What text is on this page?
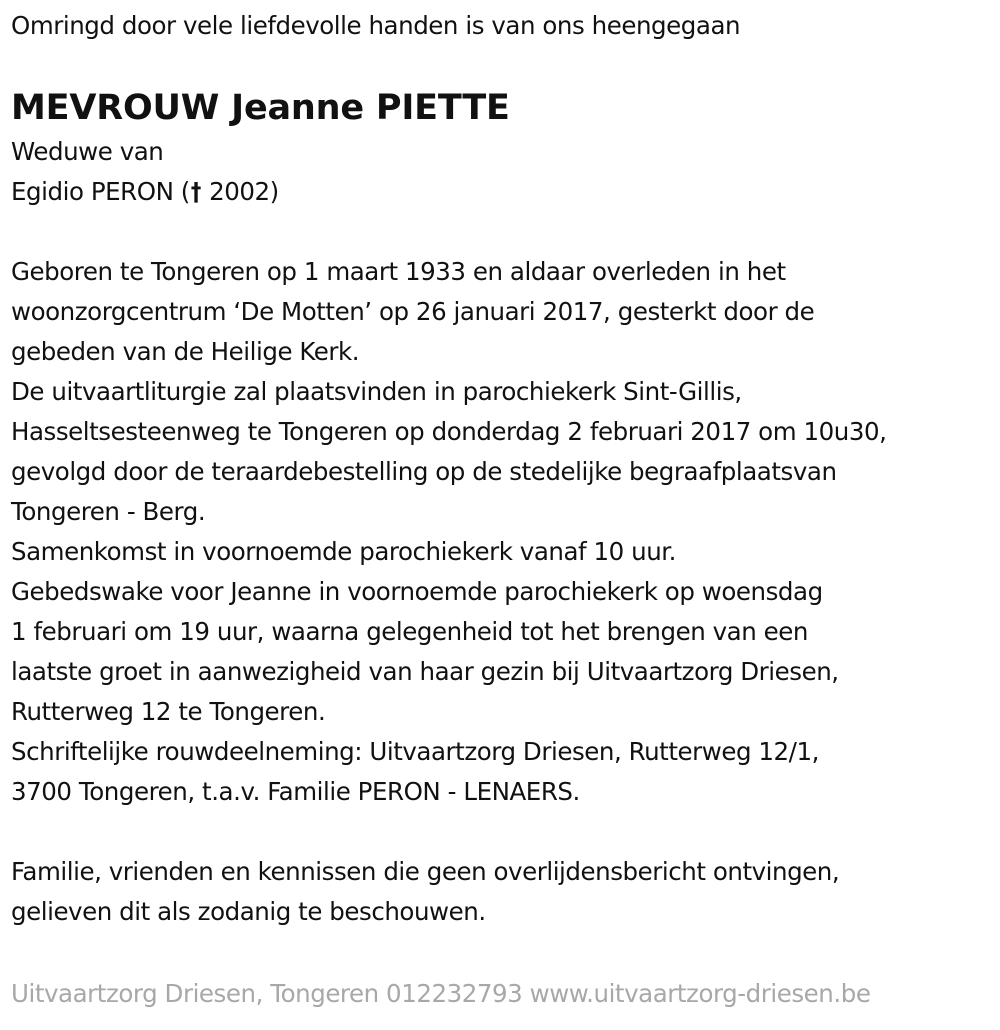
Omringd door vele liefdevolle handen is van ons heengegaan
MEVROUW Jeanne PIETTE
Weduwe van
Egidio PERON († 2002)
Geboren te Tongeren op 1 maart 1933 en aldaar overleden in het
woonzorgcentrum ‘De Motten’ op 26 januari 2017, gesterkt door de
gebeden van de Heilige Kerk.
De uitvaartliturgie zal plaatsvinden in parochiekerk Sint-Gillis,
Hasseltsesteenweg te Tongeren op donderdag 2 februari 2017 om 10u30,
gevolgd door de teraardebestelling op de stedelijke begraafplaatsvan
Tongeren - Berg.
Samenkomst in voornoemde parochiekerk vanaf 10 uur.
Gebedswake voor Jeanne in voornoemde parochiekerk op woensdag
1 februari om 19 uur, waarna gelegenheid tot het brengen van een
laatste groet in aanwezigheid van haar gezin bij Uitvaartzorg Driesen,
Rutterweg 12 te Tongeren.
Schriftelijke rouwdeelneming: Uitvaartzorg Driesen, Rutterweg 12/1,
3700 Tongeren, t.a.v. Familie PERON - LENAERS.
Familie, vrienden en kennissen die geen overlijdensbericht ontvingen,
gelieven dit als zodanig te beschouwen.
Uitvaartzorg Driesen, Tongeren 012232793 www.uitvaartzorg-driesen.be
